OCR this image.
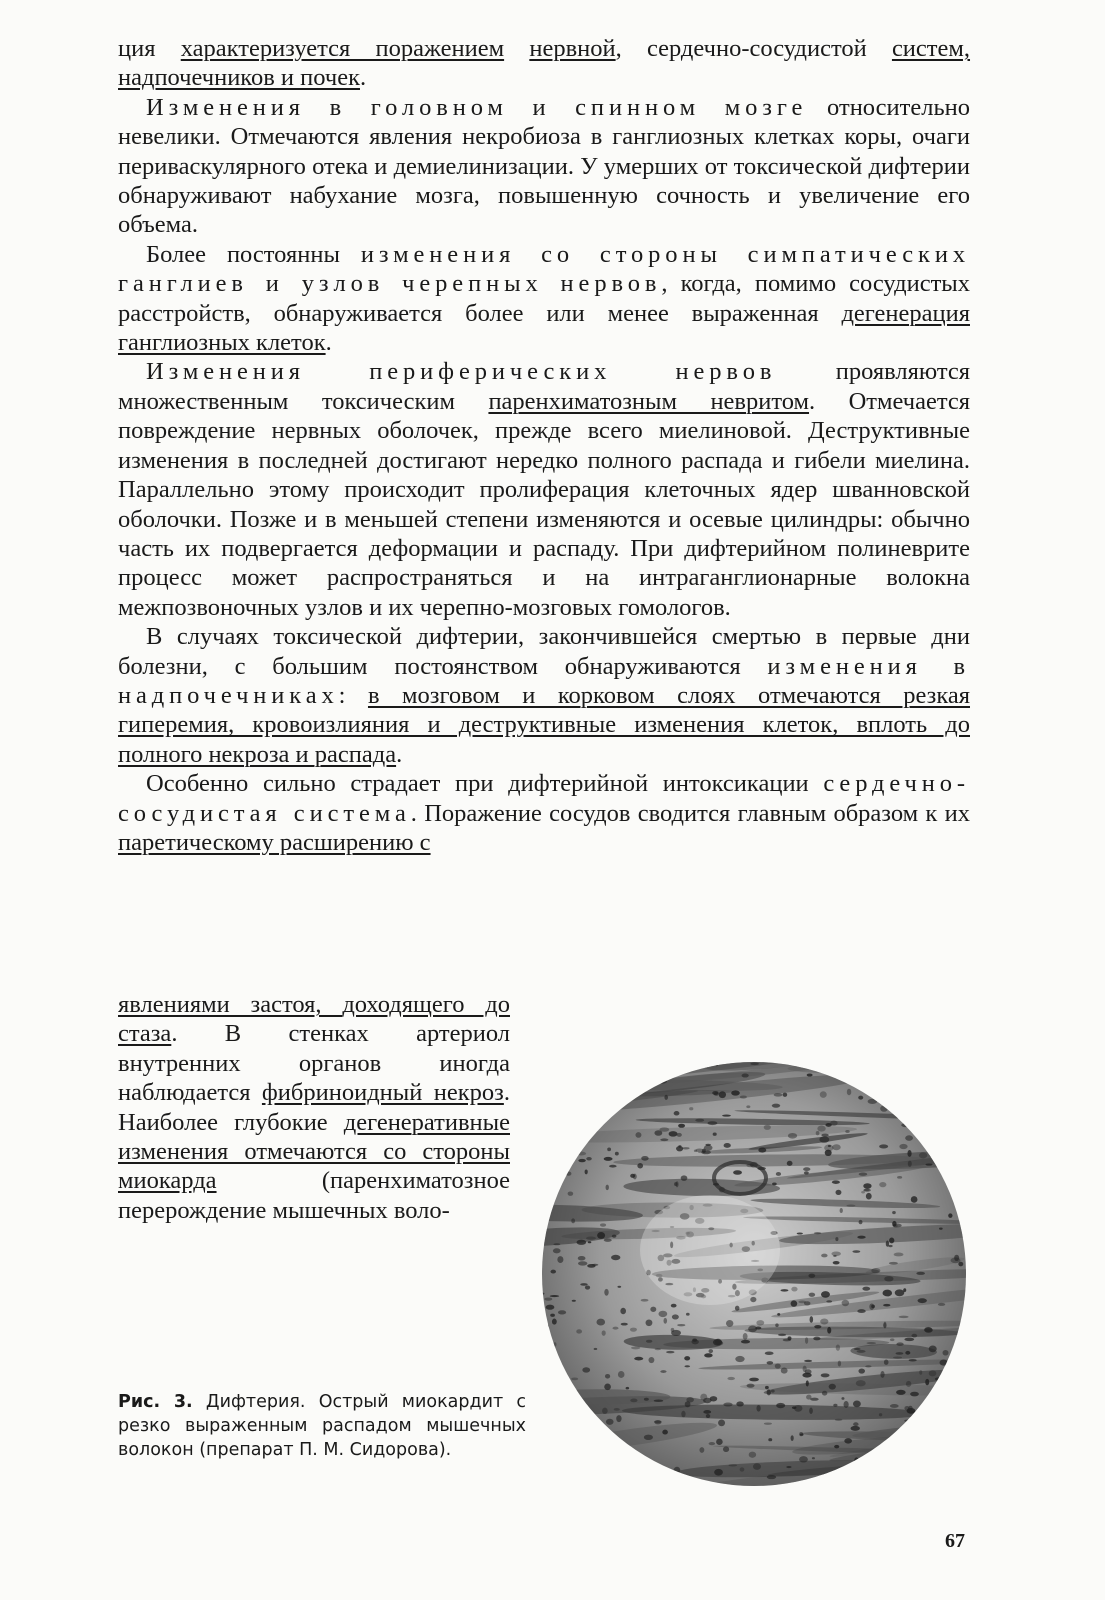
ция характеризуется поражением нервной, сердечно-сосудистой систем, надпочечников и почек.

Изменения в головном и спинном мозге относительно невелики. Отмечаются явления некробиоза в ганглиозных клетках коры, очаги периваскулярного отека и демиелинизации. У умерших от токсической дифтерии обнаруживают набухание мозга, повышенную сочность и увеличение его объема.

Более постоянны изменения со стороны симпатических ганглиев и узлов черепных нервов, когда, помимо сосудистых расстройств, обнаруживается более или менее выраженная дегенерация ганглиозных клеток.

Изменения периферических нервов проявляются множественным токсическим паренхиматозным невритом. Отмечается повреждение нервных оболочек, прежде всего миелиновой. Деструктивные изменения в последней достигают нередко полного распада и гибели миелина. Параллельно этому происходит пролиферация клеточных ядер шванновской оболочки. Позже и в меньшей степени изменяются и осевые цилиндры: обычно часть их подвергается деформации и распаду. При дифтерийном полиневрите процесс может распространяться и на интраганглионарные волокна межпозвоночных узлов и их черепно-мозговых гомологов.

В случаях токсической дифтерии, закончившейся смертью в первые дни болезни, с большим постоянством обнаруживаются изменения в надпочечниках: в мозговом и корковом слоях отмечаются резкая гиперемия, кровоизлияния и деструктивные изменения клеток, вплоть до полного некроза и распада.

Особенно сильно страдает при дифтерийной интоксикации сердечно-сосудистая система. Поражение сосудов сводится главным образом к их паретическому расширению с

явлениями застоя, доходящего до стаза. В стенках артериол внутренних органов иногда наблюдается фибриноидный некроз. Наиболее глубокие дегенеративные изменения отмечаются со стороны миокарда (паренхиматозное перерождение мышечных воло-
Рис. 3. Дифтерия. Острый миокардит с резко выраженным распадом мышечных волокон (препарат П. М. Сидорова).
67
